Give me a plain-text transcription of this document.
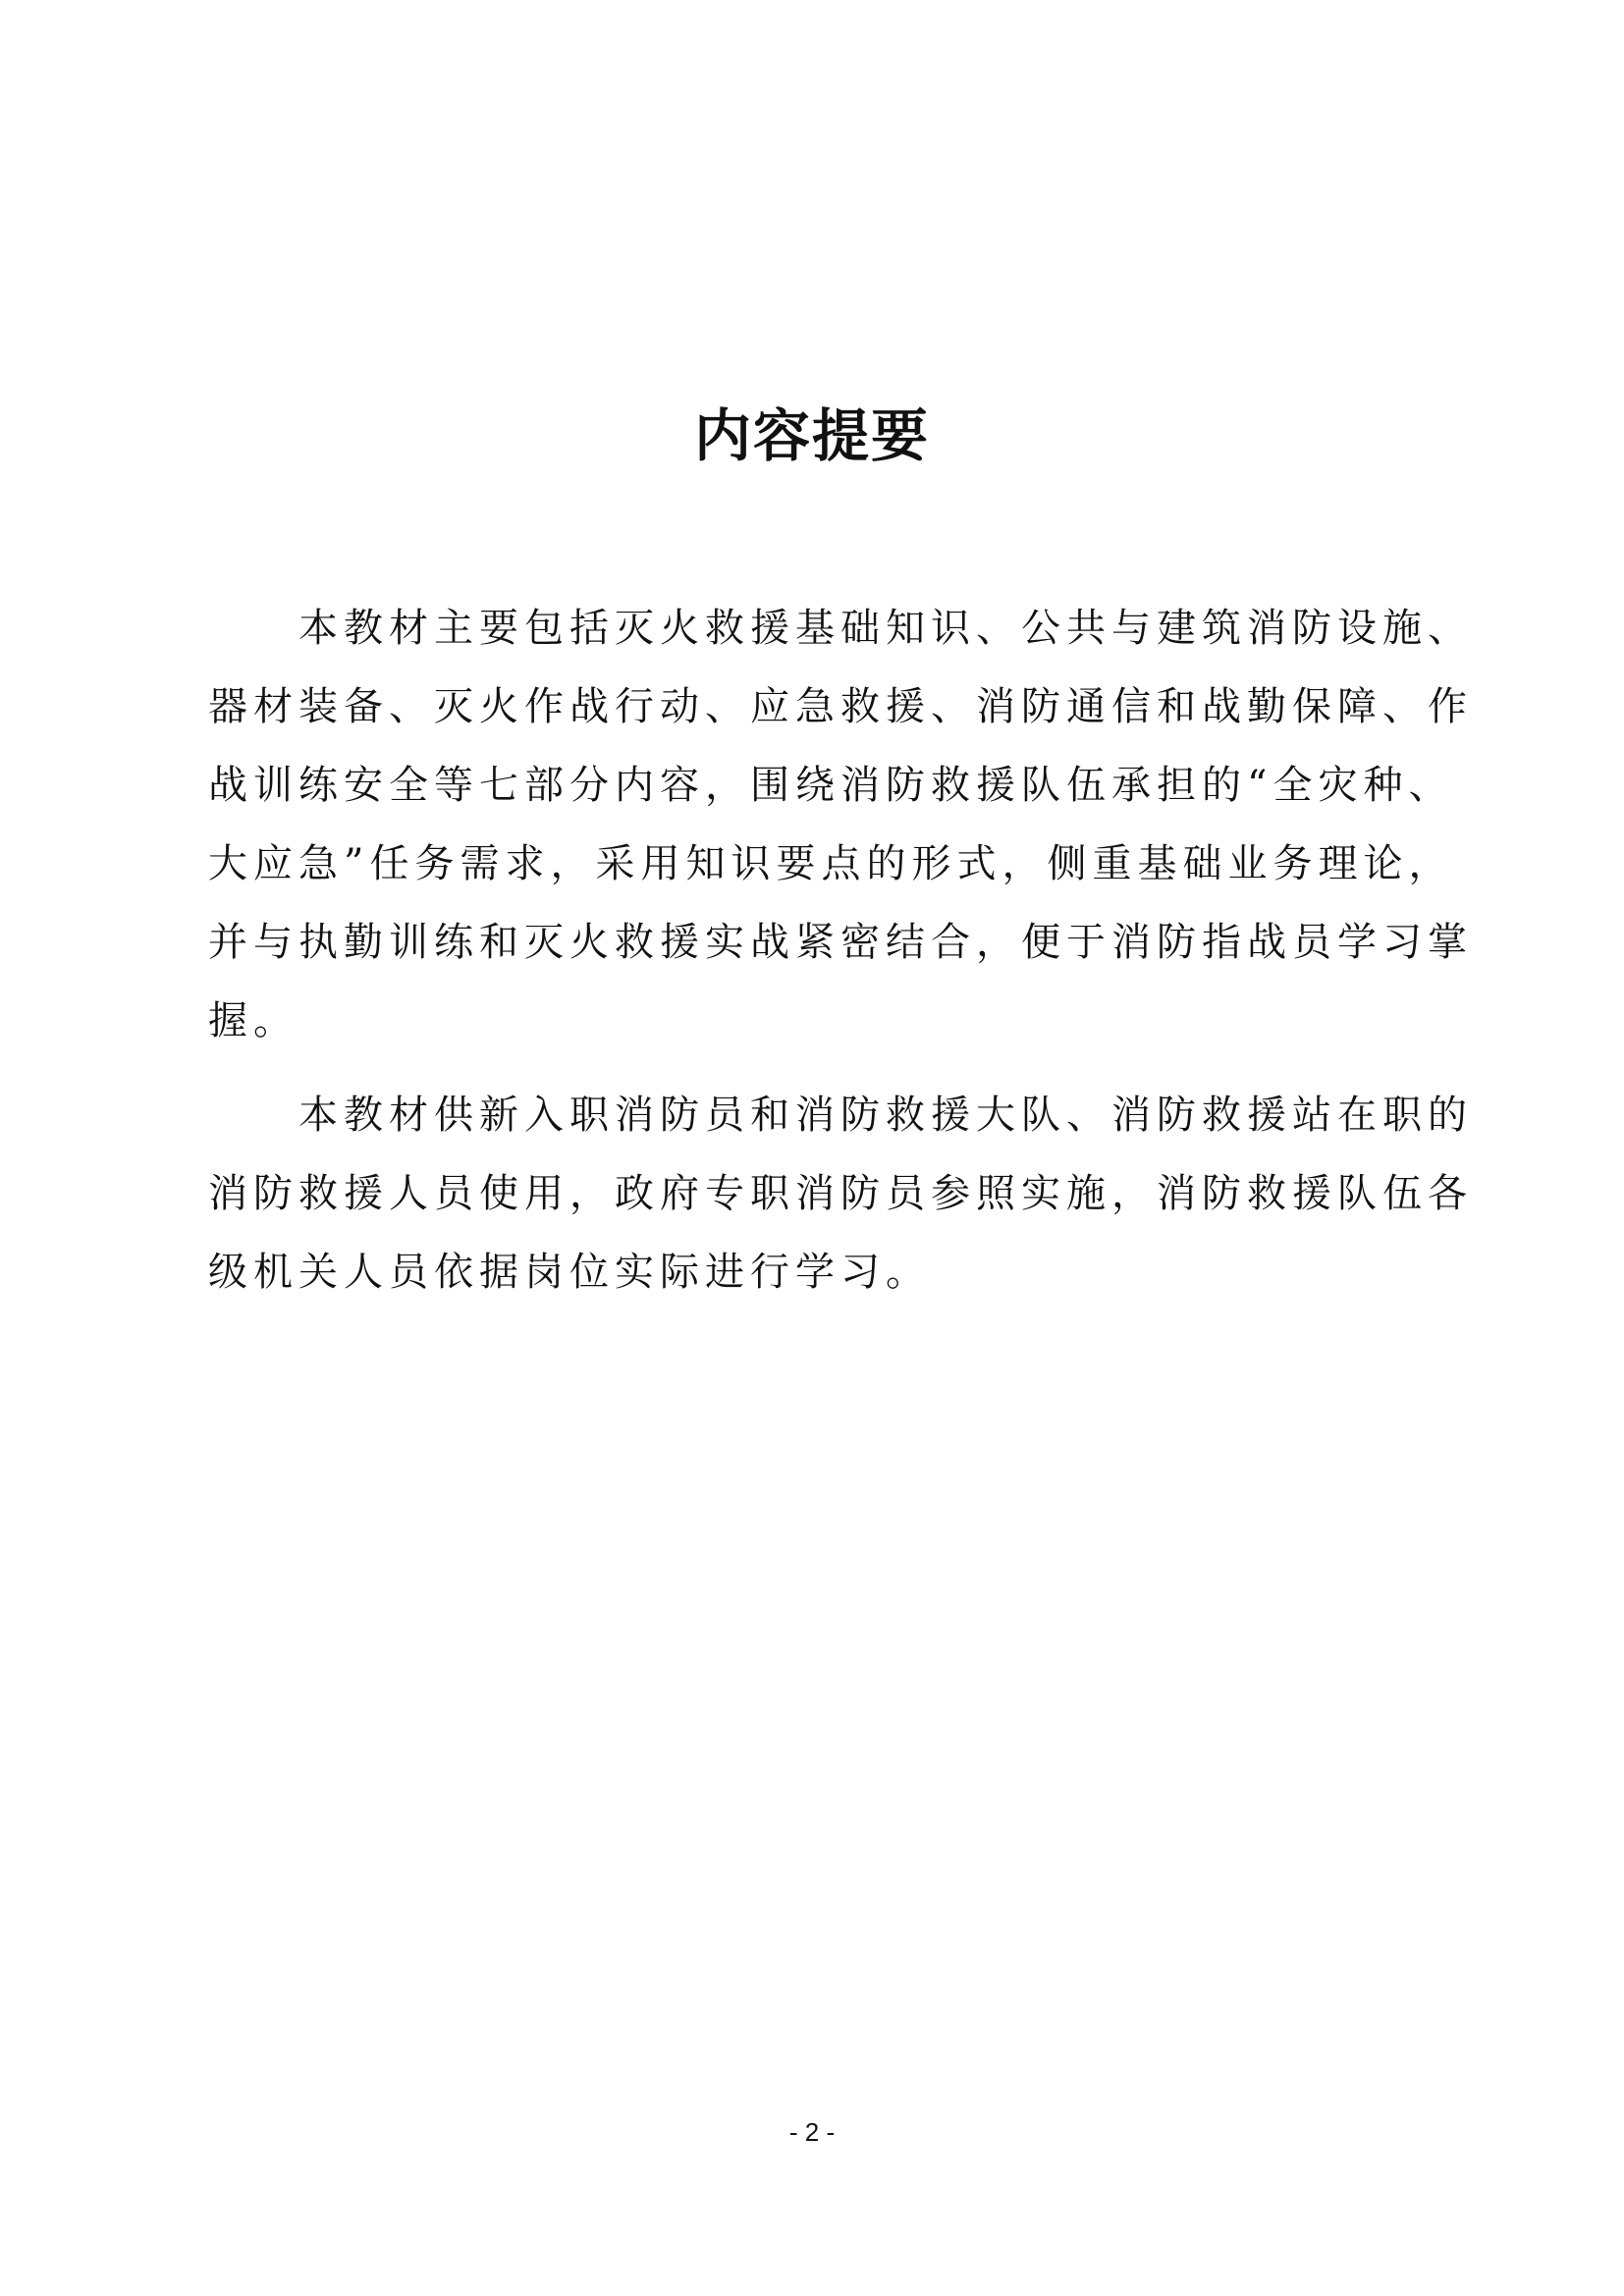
内容提要

本教材主要包括灭火救援基础知识、公共与建筑消防设施、
器材装备、灭火作战行动、应急救援、消防通信和战勤保障、作
战训练安全等七部分内容，围绕消防救援队伍承担的“全灾种、
大应急”任务需求，采用知识要点的形式，侧重基础业务理论，
并与执勤训练和灭火救援实战紧密结合，便于消防指战员学习掌
握。

本教材供新入职消防员和消防救援大队、消防救援站在职的
消防救援人员使用，政府专职消防员参照实施，消防救援队伍各
级机关人员依据岗位实际进行学习。

- 2 -
